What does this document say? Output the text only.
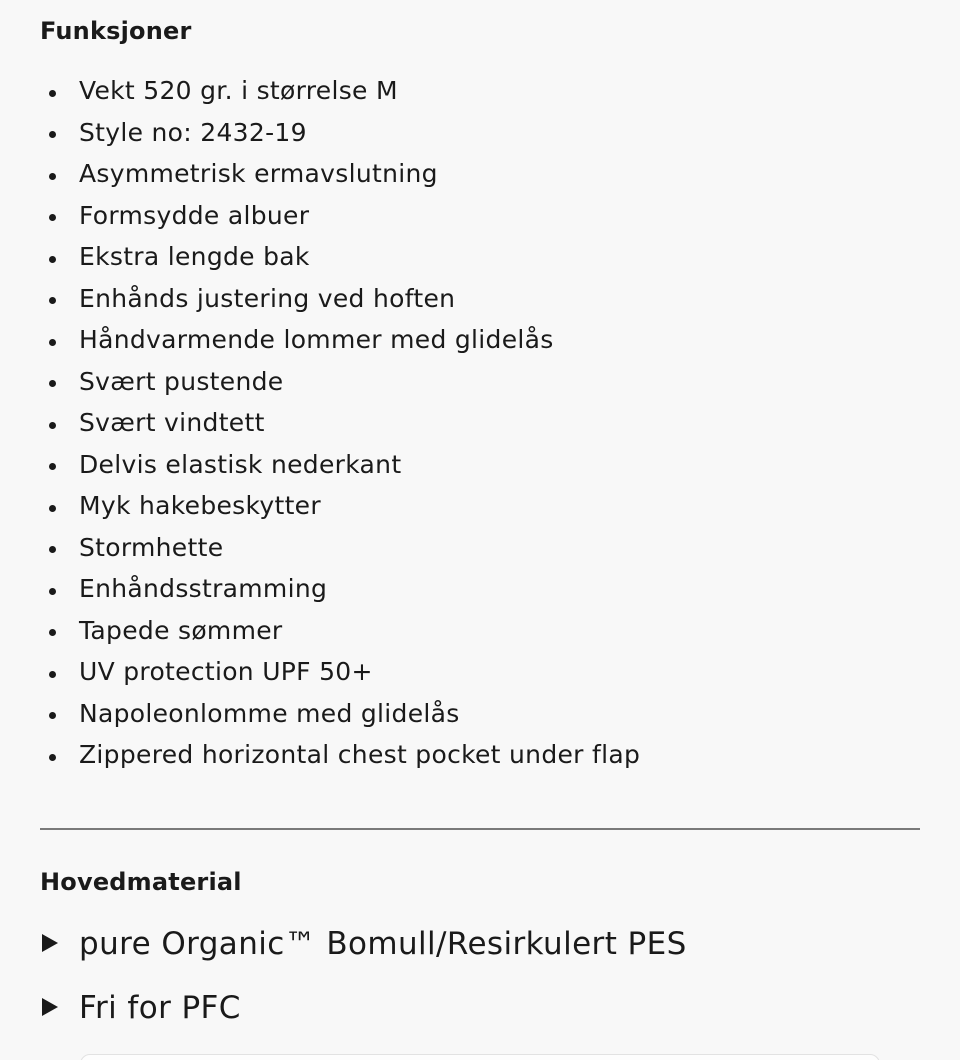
Funksjoner
Vekt 520 gr. i størrelse M
Style no: 2432-19
Asymmetrisk ermavslutning
Formsydde albuer
Ekstra lengde bak
Enhånds justering ved hoften
Håndvarmende lommer med glidelås
Svært pustende
Svært vindtett
Delvis elastisk nederkant
Myk hakebeskytter
Stormhette
Enhåndsstramming
Tapede sømmer
UV protection UPF 50+
Napoleonlomme med glidelås
Zippered horizontal chest pocket under flap
Hovedmaterial
pure Organic™ Bomull/Resirkulert PES
Fri for PFC
